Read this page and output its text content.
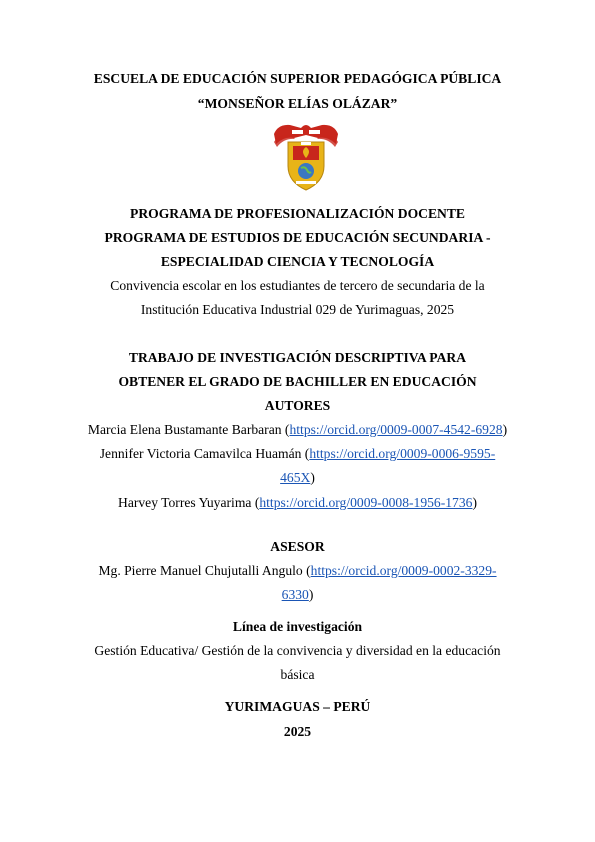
ESCUELA DE EDUCACIÓN SUPERIOR PEDAGÓGICA PÚBLICA
“MONSEÑOR ELÍAS OLÁZAR”
PROGRAMA DE PROFESIONALIZACIÓN DOCENTE
PROGRAMA DE ESTUDIOS DE EDUCACIÓN SECUNDARIA -
ESPECIALIDAD CIENCIA Y TECNOLOGÍA
Convivencia escolar en los estudiantes de tercero de secundaria de la
Institución Educativa Industrial 029 de Yurimaguas, 2025
TRABAJO DE INVESTIGACIÓN DESCRIPTIVA PARA
OBTENER EL GRADO DE BACHILLER EN EDUCACIÓN
AUTORES
Marcia Elena Bustamante Barbaran (https://orcid.org/0009-0007-4542-6928)
Jennifer Victoria Camavilca Huamán (https://orcid.org/0009-0006-9595-
465X)
Harvey Torres Yuyarima (https://orcid.org/0009-0008-1956-1736)
ASESOR
Mg. Pierre Manuel Chujutalli Angulo (https://orcid.org/0009-0002-3329-
6330)
Línea de investigación
Gestión Educativa/ Gestión de la convivencia y diversidad en la educación
básica
YURIMAGUAS – PERÚ
2025
